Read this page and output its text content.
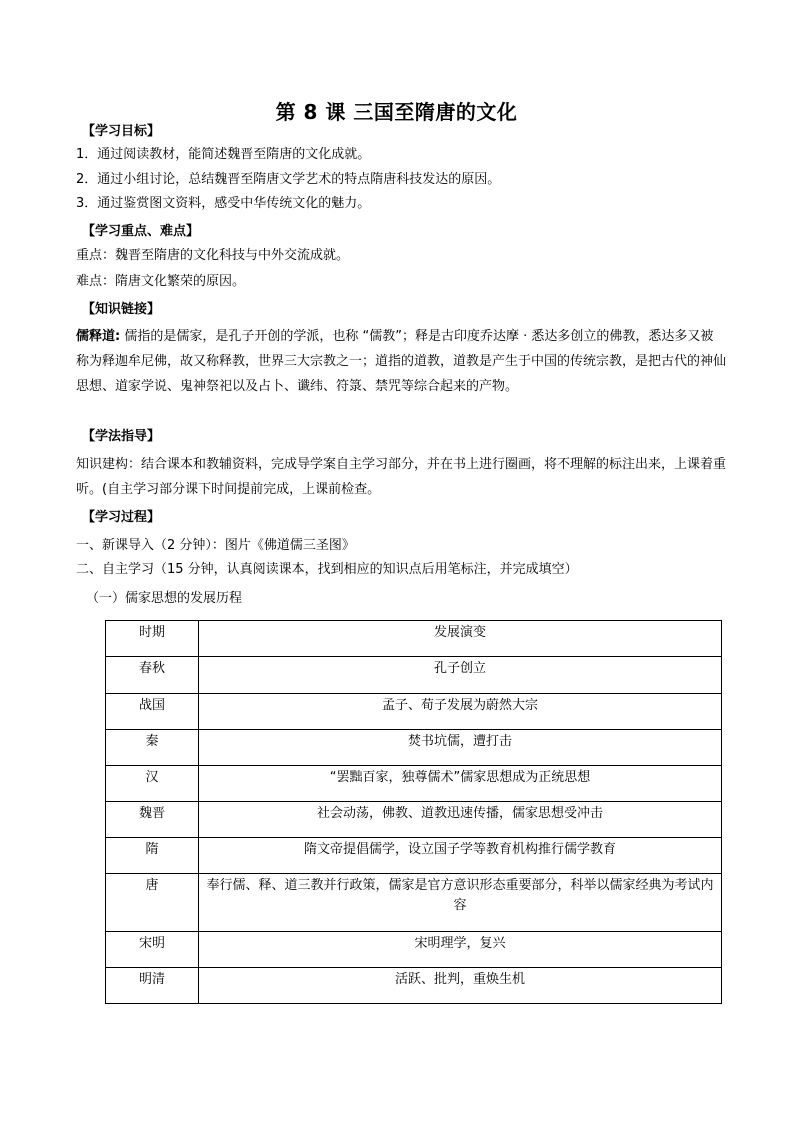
第 8 课 三国至隋唐的文化
【学习目标】
1．通过阅读教材，能简述魏晋至隋唐的文化成就。
2．通过小组讨论，总结魏晋至隋唐文学艺术的特点隋唐科技发达的原因。
3．通过鉴赏图文资料，感受中华传统文化的魅力。
【学习重点、难点】
重点：魏晋至隋唐的文化科技与中外交流成就。
难点：隋唐文化繁荣的原因。
【知识链接】
儒释道: 儒指的是儒家，是孔子开创的学派，也称 “儒教”；释是古印度乔达摩 · 悉达多创立的佛教，悉达多又被称为释迦牟尼佛，故又称释教，世界三大宗教之一；道指的道教，道教是产生于中国的传统宗教，是把古代的神仙思想、道家学说、鬼神祭祀以及占卜、谶纬、符箓、禁咒等综合起来的产物。
【学法指导】
知识建构：结合课本和教辅资料，完成导学案自主学习部分，并在书上进行圈画，将不理解的标注出来，上课着重听。(自主学习部分课下时间提前完成，上课前检查。
【学习过程】
一、新课导入（2 分钟）：图片《佛道儒三圣图》
二、自主学习（15 分钟，认真阅读课本，找到相应的知识点后用笔标注，并完成填空）
（一）儒家思想的发展历程
时期	发展演变
春秋	孔子创立
战国	孟子、荀子发展为蔚然大宗
秦	焚书坑儒，遭打击
汉	“罢黜百家，独尊儒术”儒家思想成为正统思想
魏晋	社会动荡，佛教、道教迅速传播，儒家思想受冲击
隋	隋文帝提倡儒学，设立国子学等教育机构推行儒学教育
唐	奉行儒、释、道三教并行政策，儒家是官方意识形态重要部分，科举以儒家经典为考试内容
宋明	宋明理学，复兴
明清	活跃、批判，重焕生机
